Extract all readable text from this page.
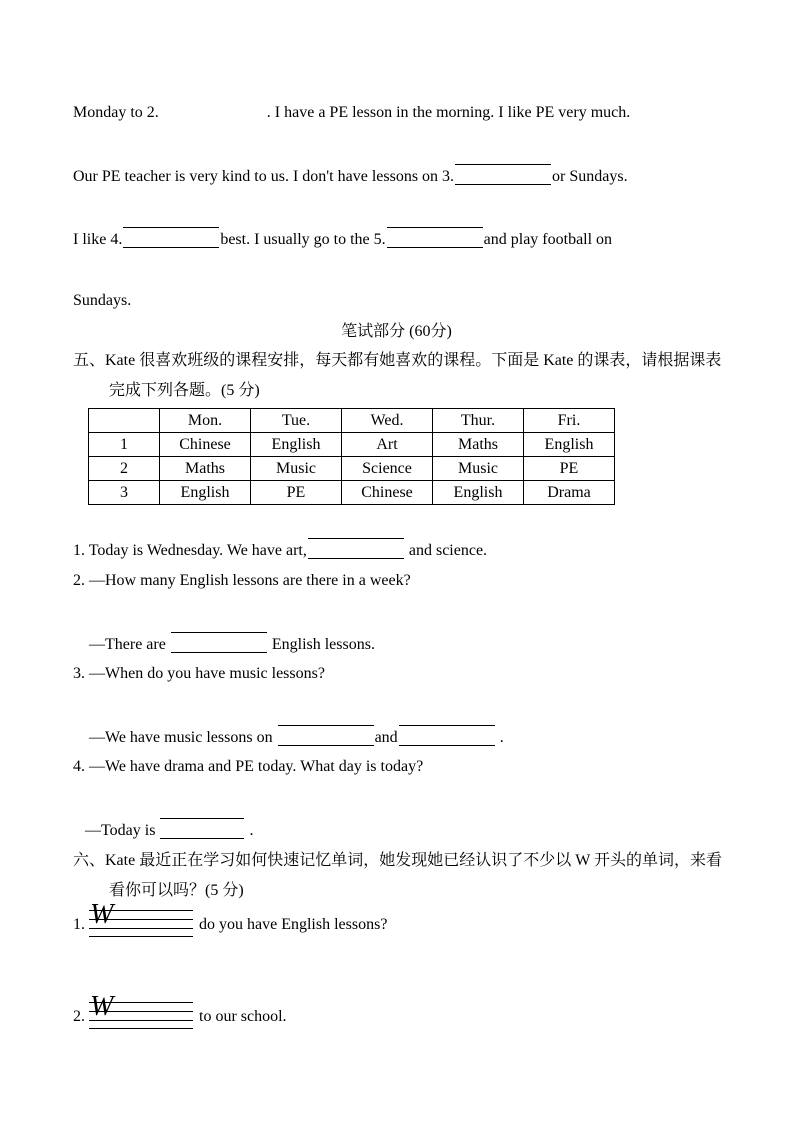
Monday to 2.	. I have a PE lesson in the morning. I like PE very much.
Our PE teacher is very kind to us. I don't have lessons on 3.	or Sundays.
I like 4.	best. I usually go to the 5.	and play football on
Sundays.
笔试部分 (60分)
五、Kate 很喜欢班级的课程安排，每天都有她喜欢的课程。下面是 Kate 的课表，请根据课表
完成下列各题。(5 分)
	Mon.	Tue.	Wed.	Thur.	Fri.
1	Chinese	English	Art	Maths	English
2	Maths	Music	Science	Music	PE
3	English	PE	Chinese	English	Drama
1. Today is Wednesday. We have art,	and science.
2. —How many English lessons are there in a week?
—There are	English lessons.
3. —When do you have music lessons?
—We have music lessons on	and	.
4. —We have drama and PE today. What day is today?
—Today is	.
六、Kate 最近正在学习如何快速记忆单词，她发现她已经认识了不少以 W 开头的单词，来看
看你可以吗？(5 分)
1. W	do you have English lessons?
2. W	to our school.
